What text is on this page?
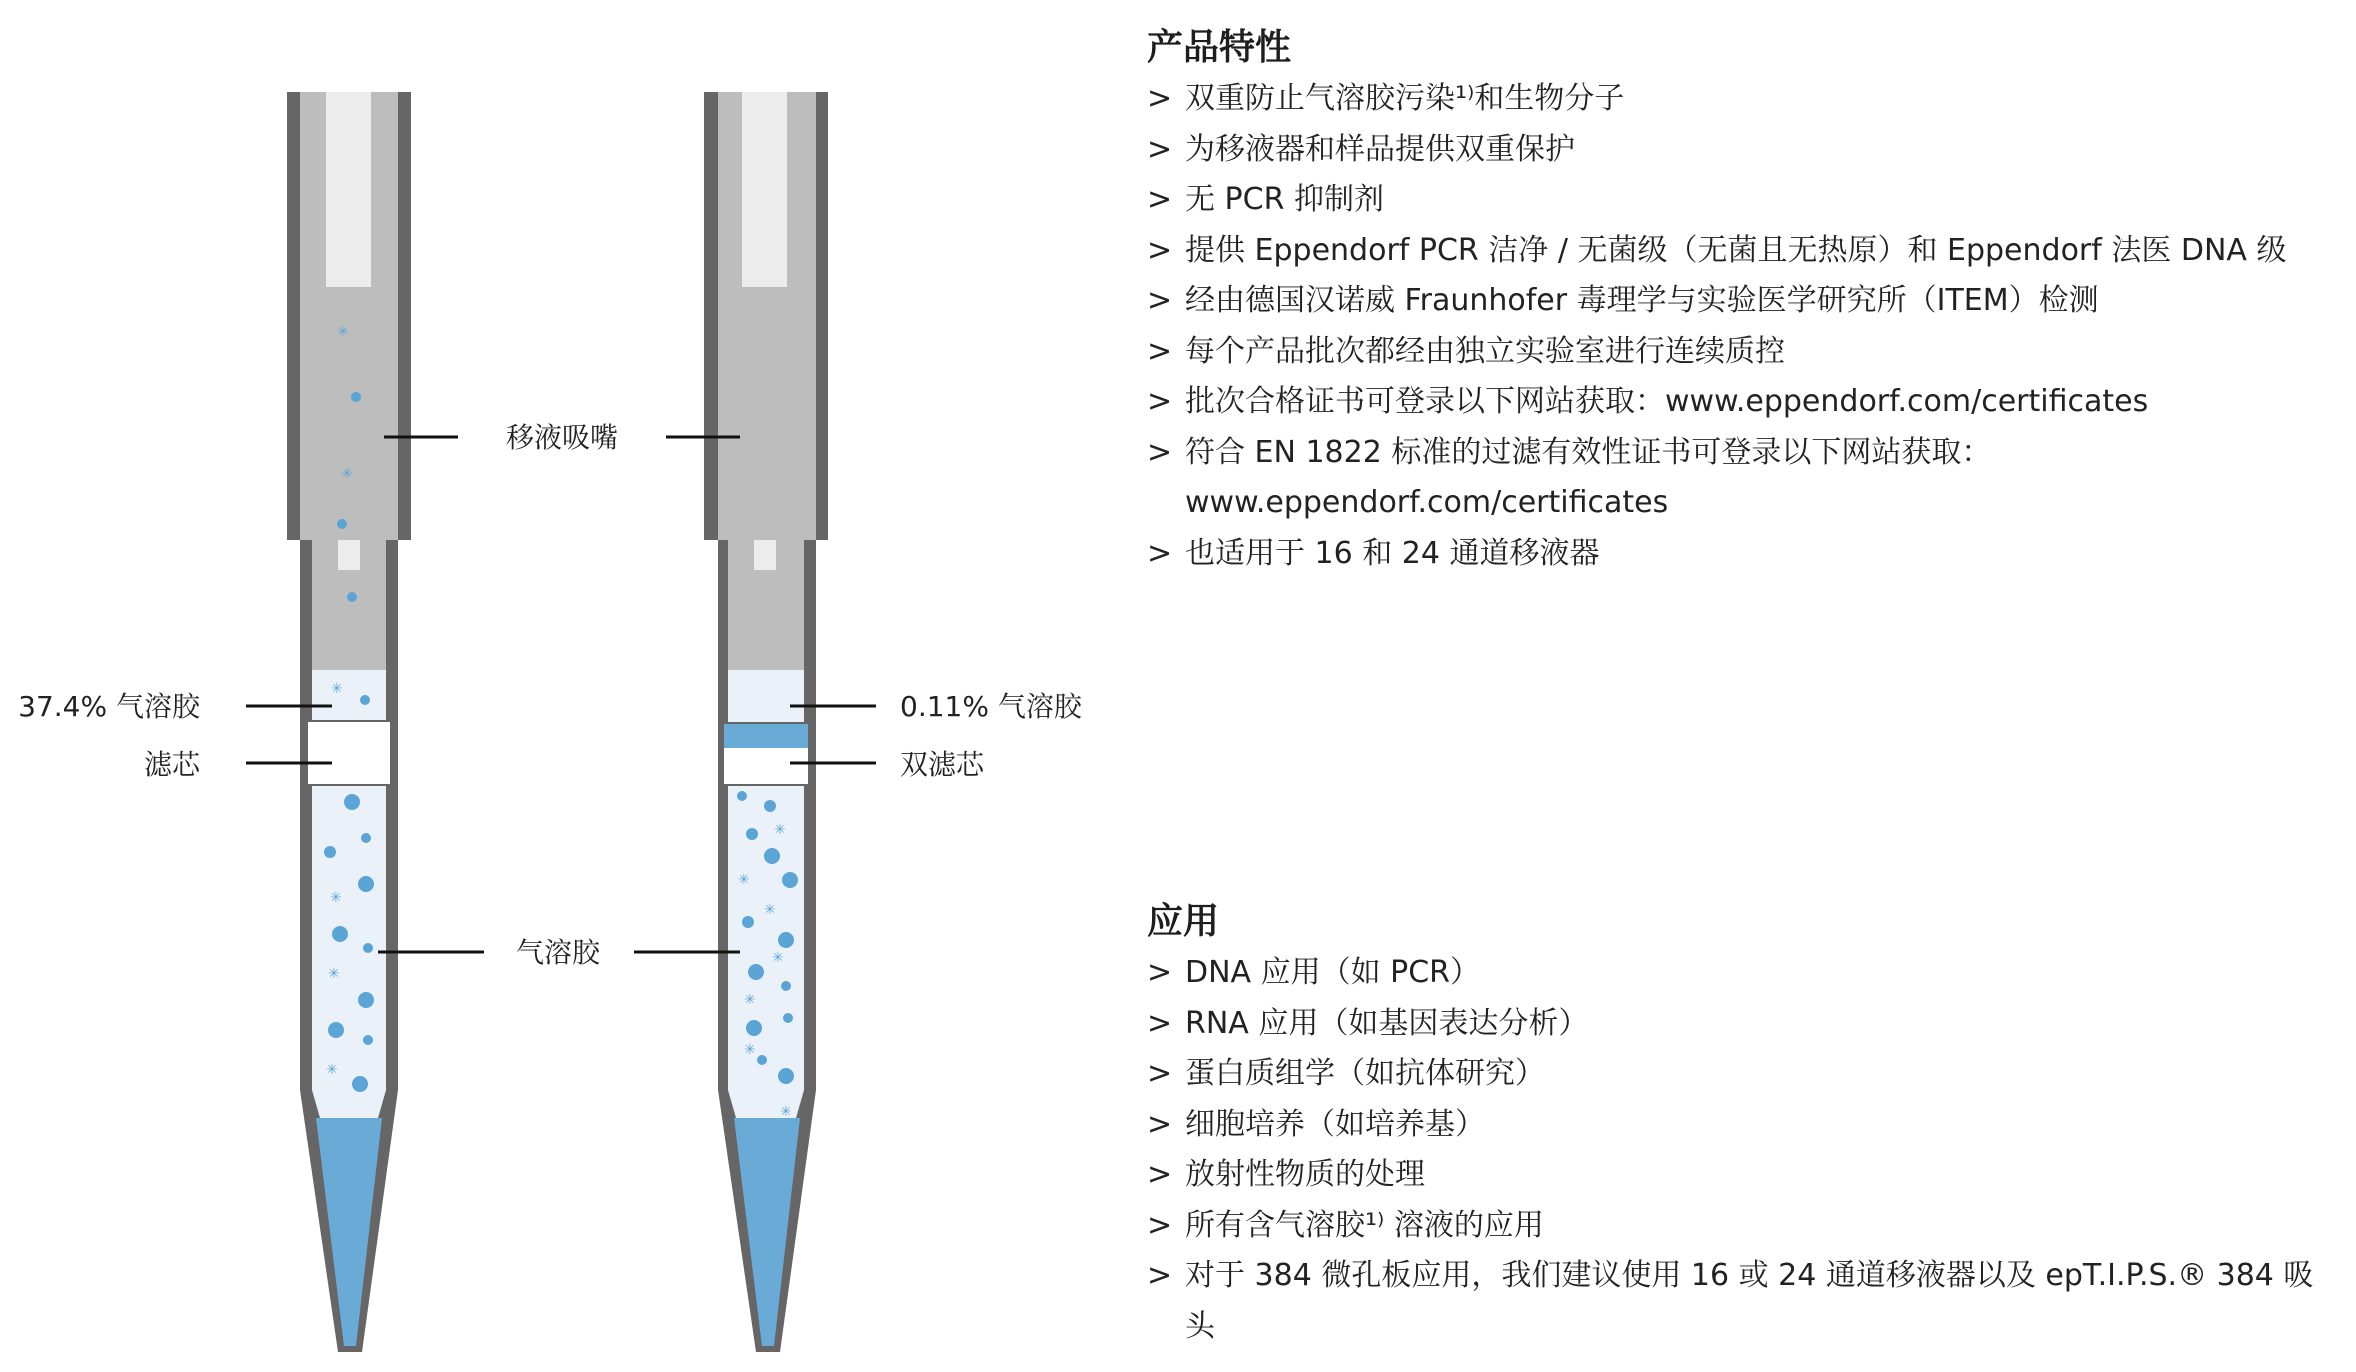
✳
✳
✳
✳
✳
✳
✳
✳
✳
✳
✳
✳
✳
移液吸嘴
37.4% 气溶胶	0.11% 气溶胶
滤芯	双滤芯
气溶胶
产品特性
> 双重防止气溶胶污染¹⁾和生物分子
> 为移液器和样品提供双重保护
> 无 PCR 抑制剂
> 提供 Eppendorf PCR 洁净 / 无菌级（无菌且无热原）和 Eppendorf 法医 DNA 级
> 经由德国汉诺威 Fraunhofer 毒理学与实验医学研究所（ITEM）检测
> 每个产品批次都经由独立实验室进行连续质控
> 批次合格证书可登录以下网站获取：www.eppendorf.com/certificates
> 符合 EN 1822 标准的过滤有效性证书可登录以下网站获取：www.eppendorf.com/certificates
> 也适用于 16 和 24 通道移液器
应用
> DNA 应用（如 PCR）
> RNA 应用（如基因表达分析）
> 蛋白质组学（如抗体研究）
> 细胞培养（如培养基）
> 放射性物质的处理
> 所有含气溶胶¹⁾ 溶液的应用
> 对于 384 微孔板应用，我们建议使用 16 或 24 通道移液器以及 epT.I.P.S.® 384 吸头
